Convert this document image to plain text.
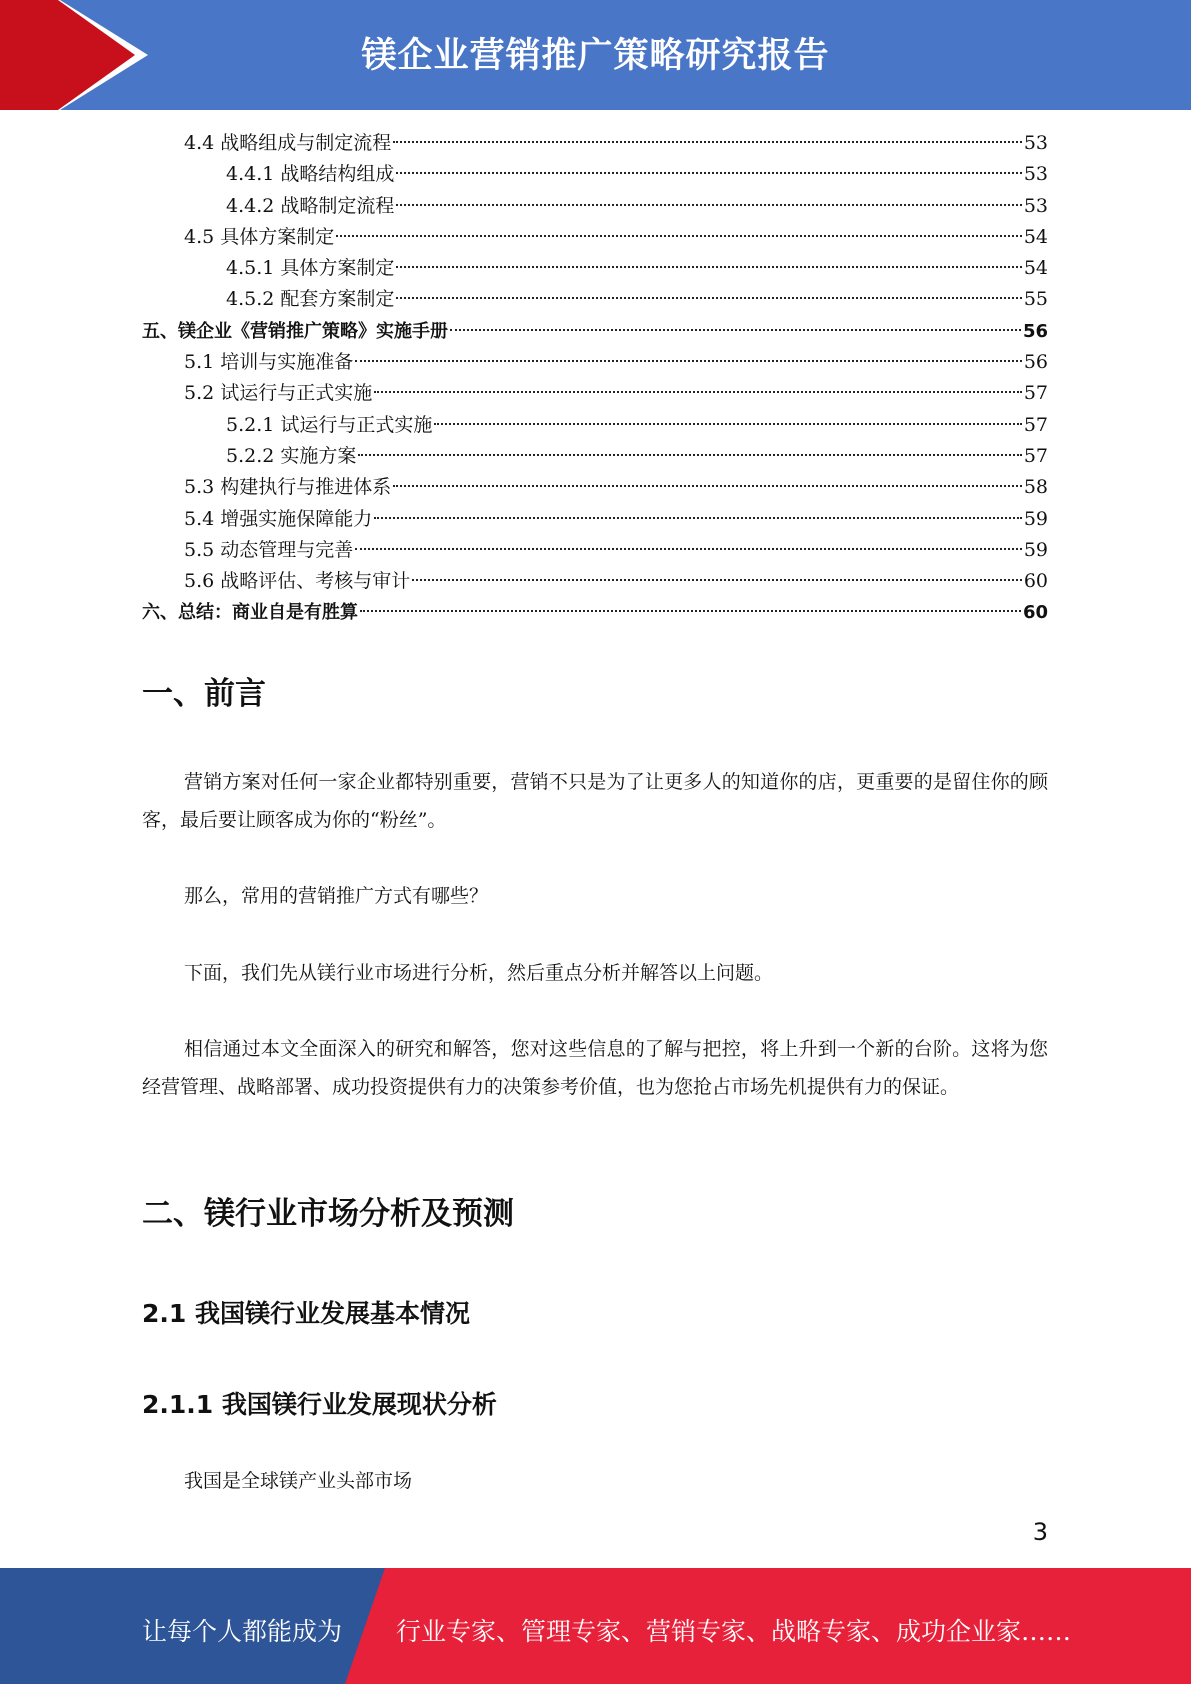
镁企业营销推广策略研究报告
4.4 战略组成与制定流程	53
4.4.1 战略结构组成	53
4.4.2 战略制定流程	53
4.5 具体方案制定	54
4.5.1 具体方案制定	54
4.5.2 配套方案制定	55
五、镁企业《营销推广策略》实施手册	56
5.1 培训与实施准备	56
5.2 试运行与正式实施	57
5.2.1 试运行与正式实施	57
5.2.2 实施方案	57
5.3 构建执行与推进体系	58
5.4 增强实施保障能力	59
5.5 动态管理与完善	59
5.6 战略评估、考核与审计	60
六、总结：商业自是有胜算	60
一、前言

营销方案对任何一家企业都特别重要，营销不只是为了让更多人的知道你的店，更重要的是留住你的顾客，最后要让顾客成为你的“粉丝”。

那么，常用的营销推广方式有哪些？

下面，我们先从镁行业市场进行分析，然后重点分析并解答以上问题。

相信通过本文全面深入的研究和解答，您对这些信息的了解与把控，将上升到一个新的台阶。这将为您经营管理、战略部署、成功投资提供有力的决策参考价值，也为您抢占市场先机提供有力的保证。

二、镁行业市场分析及预测
2.1 我国镁行业发展基本情况
2.1.1 我国镁行业发展现状分析

我国是全球镁产业头部市场

3
让每个人都能成为 行业专家、管理专家、营销专家、战略专家、成功企业家……
